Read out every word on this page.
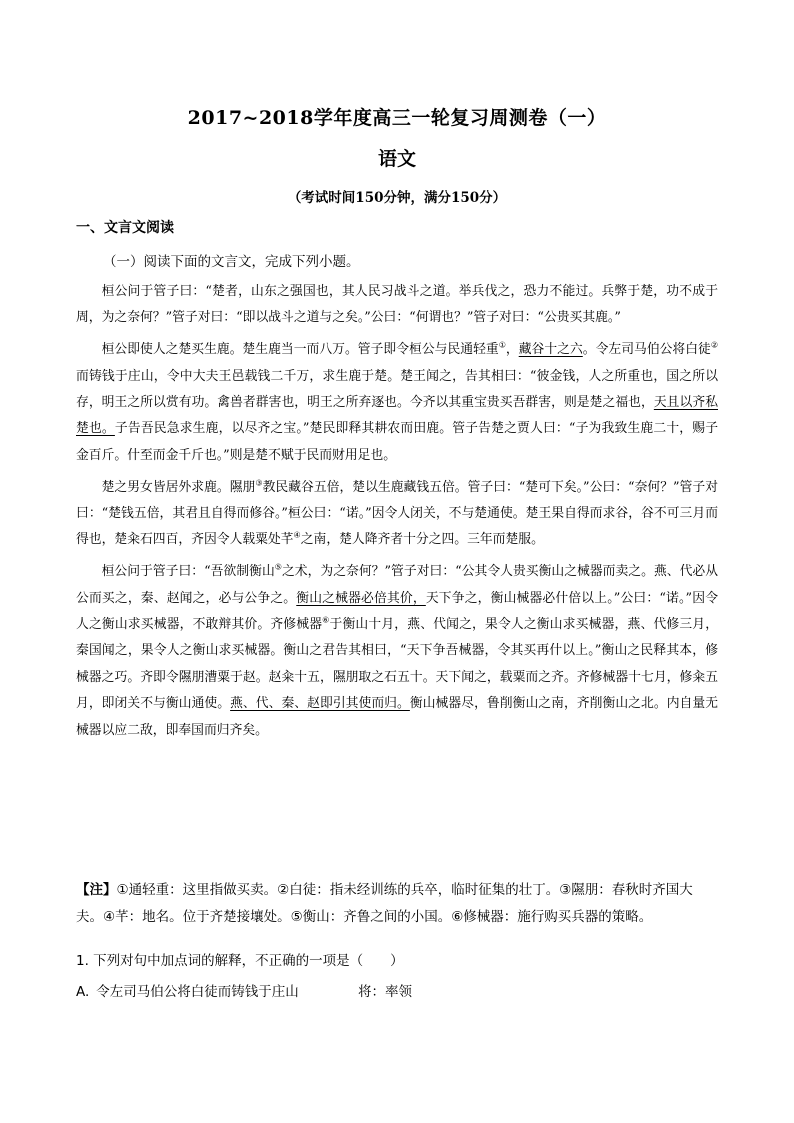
2017~2018学年度高三一轮复习周测卷（一）
语文
（考试时间150分钟，满分150分）
一、文言文阅读
（一）阅读下面的文言文，完成下列小题。

桓公问于管子曰：“楚者，山东之强国也，其人民习战斗之道。举兵伐之，恐力不能过。兵弊于楚，功不成于周，为之奈何？”管子对曰：“即以战斗之道与之矣。”公曰：“何谓也？”管子对曰：“公贵买其鹿。”

桓公即使人之楚买生鹿。楚生鹿当一而八万。管子即令桓公与民通轻重①，藏谷十之六。令左司马伯公将白徒②而铸钱于庄山，令中大夫王邑载钱二千万，求生鹿于楚。楚王闻之，告其相曰：“彼金钱，人之所重也，国之所以存，明王之所以赏有功。禽兽者群害也，明王之所弃逐也。今齐以其重宝贵买吾群害，则是楚之福也，天且以齐私楚也。子告吾民急求生鹿，以尽齐之宝。”楚民即释其耕农而田鹿。管子告楚之贾人曰：“子为我致生鹿二十，赐子金百斤。什至而金千斤也。”则是楚不赋于民而财用足也。

楚之男女皆居外求鹿。隰朋③教民藏谷五倍，楚以生鹿藏钱五倍。管子曰：“楚可下矣。”公曰：“奈何？”管子对曰：“楚钱五倍，其君且自得而修谷。”桓公曰：“诺。”因令人闭关，不与楚通使。楚王果自得而求谷，谷不可三月而得也，楚籴石四百，齐因令人载粟处芊④之南，楚人降齐者十分之四。三年而楚服。

桓公问于管子曰：“吾欲制衡山⑤之术，为之奈何？”管子对曰：“公其令人贵买衡山之械器而卖之。燕、代必从公而买之，秦、赵闻之，必与公争之。衡山之械器必倍其价，天下争之，衡山械器必什倍以上。”公曰：“诺。”因令人之衡山求买械器，不敢辩其价。齐修械器⑥于衡山十月，燕、代闻之，果令人之衡山求买械器，燕、代修三月，秦国闻之，果令人之衡山求买械器。衡山之君告其相曰，“天下争吾械器，令其买再什以上。”衡山之民释其本，修械器之巧。齐即令隰朋漕粟于赵。赵籴十五，隰朋取之石五十。天下闻之，载粟而之齐。齐修械器十七月，修籴五月，即闭关不与衡山通使。燕、代、秦、赵即引其使而归。衡山械器尽，鲁削衡山之南，齐削衡山之北。内自量无械器以应二敌，即奉国而归齐矣。

【注】①通轻重：这里指做买卖。②白徒：指未经训练的兵卒，临时征集的壮丁。③隰朋：春秋时齐国大夫。④芊：地名。位于齐楚接壤处。⑤衡山：齐鲁之间的小国。⑥修械器：施行购买兵器的策略。
1. 下列对句中加点词的解释，不正确的一项是（　　）
A. 令左司马伯公将白徒而铸钱于庄山	将：率领
